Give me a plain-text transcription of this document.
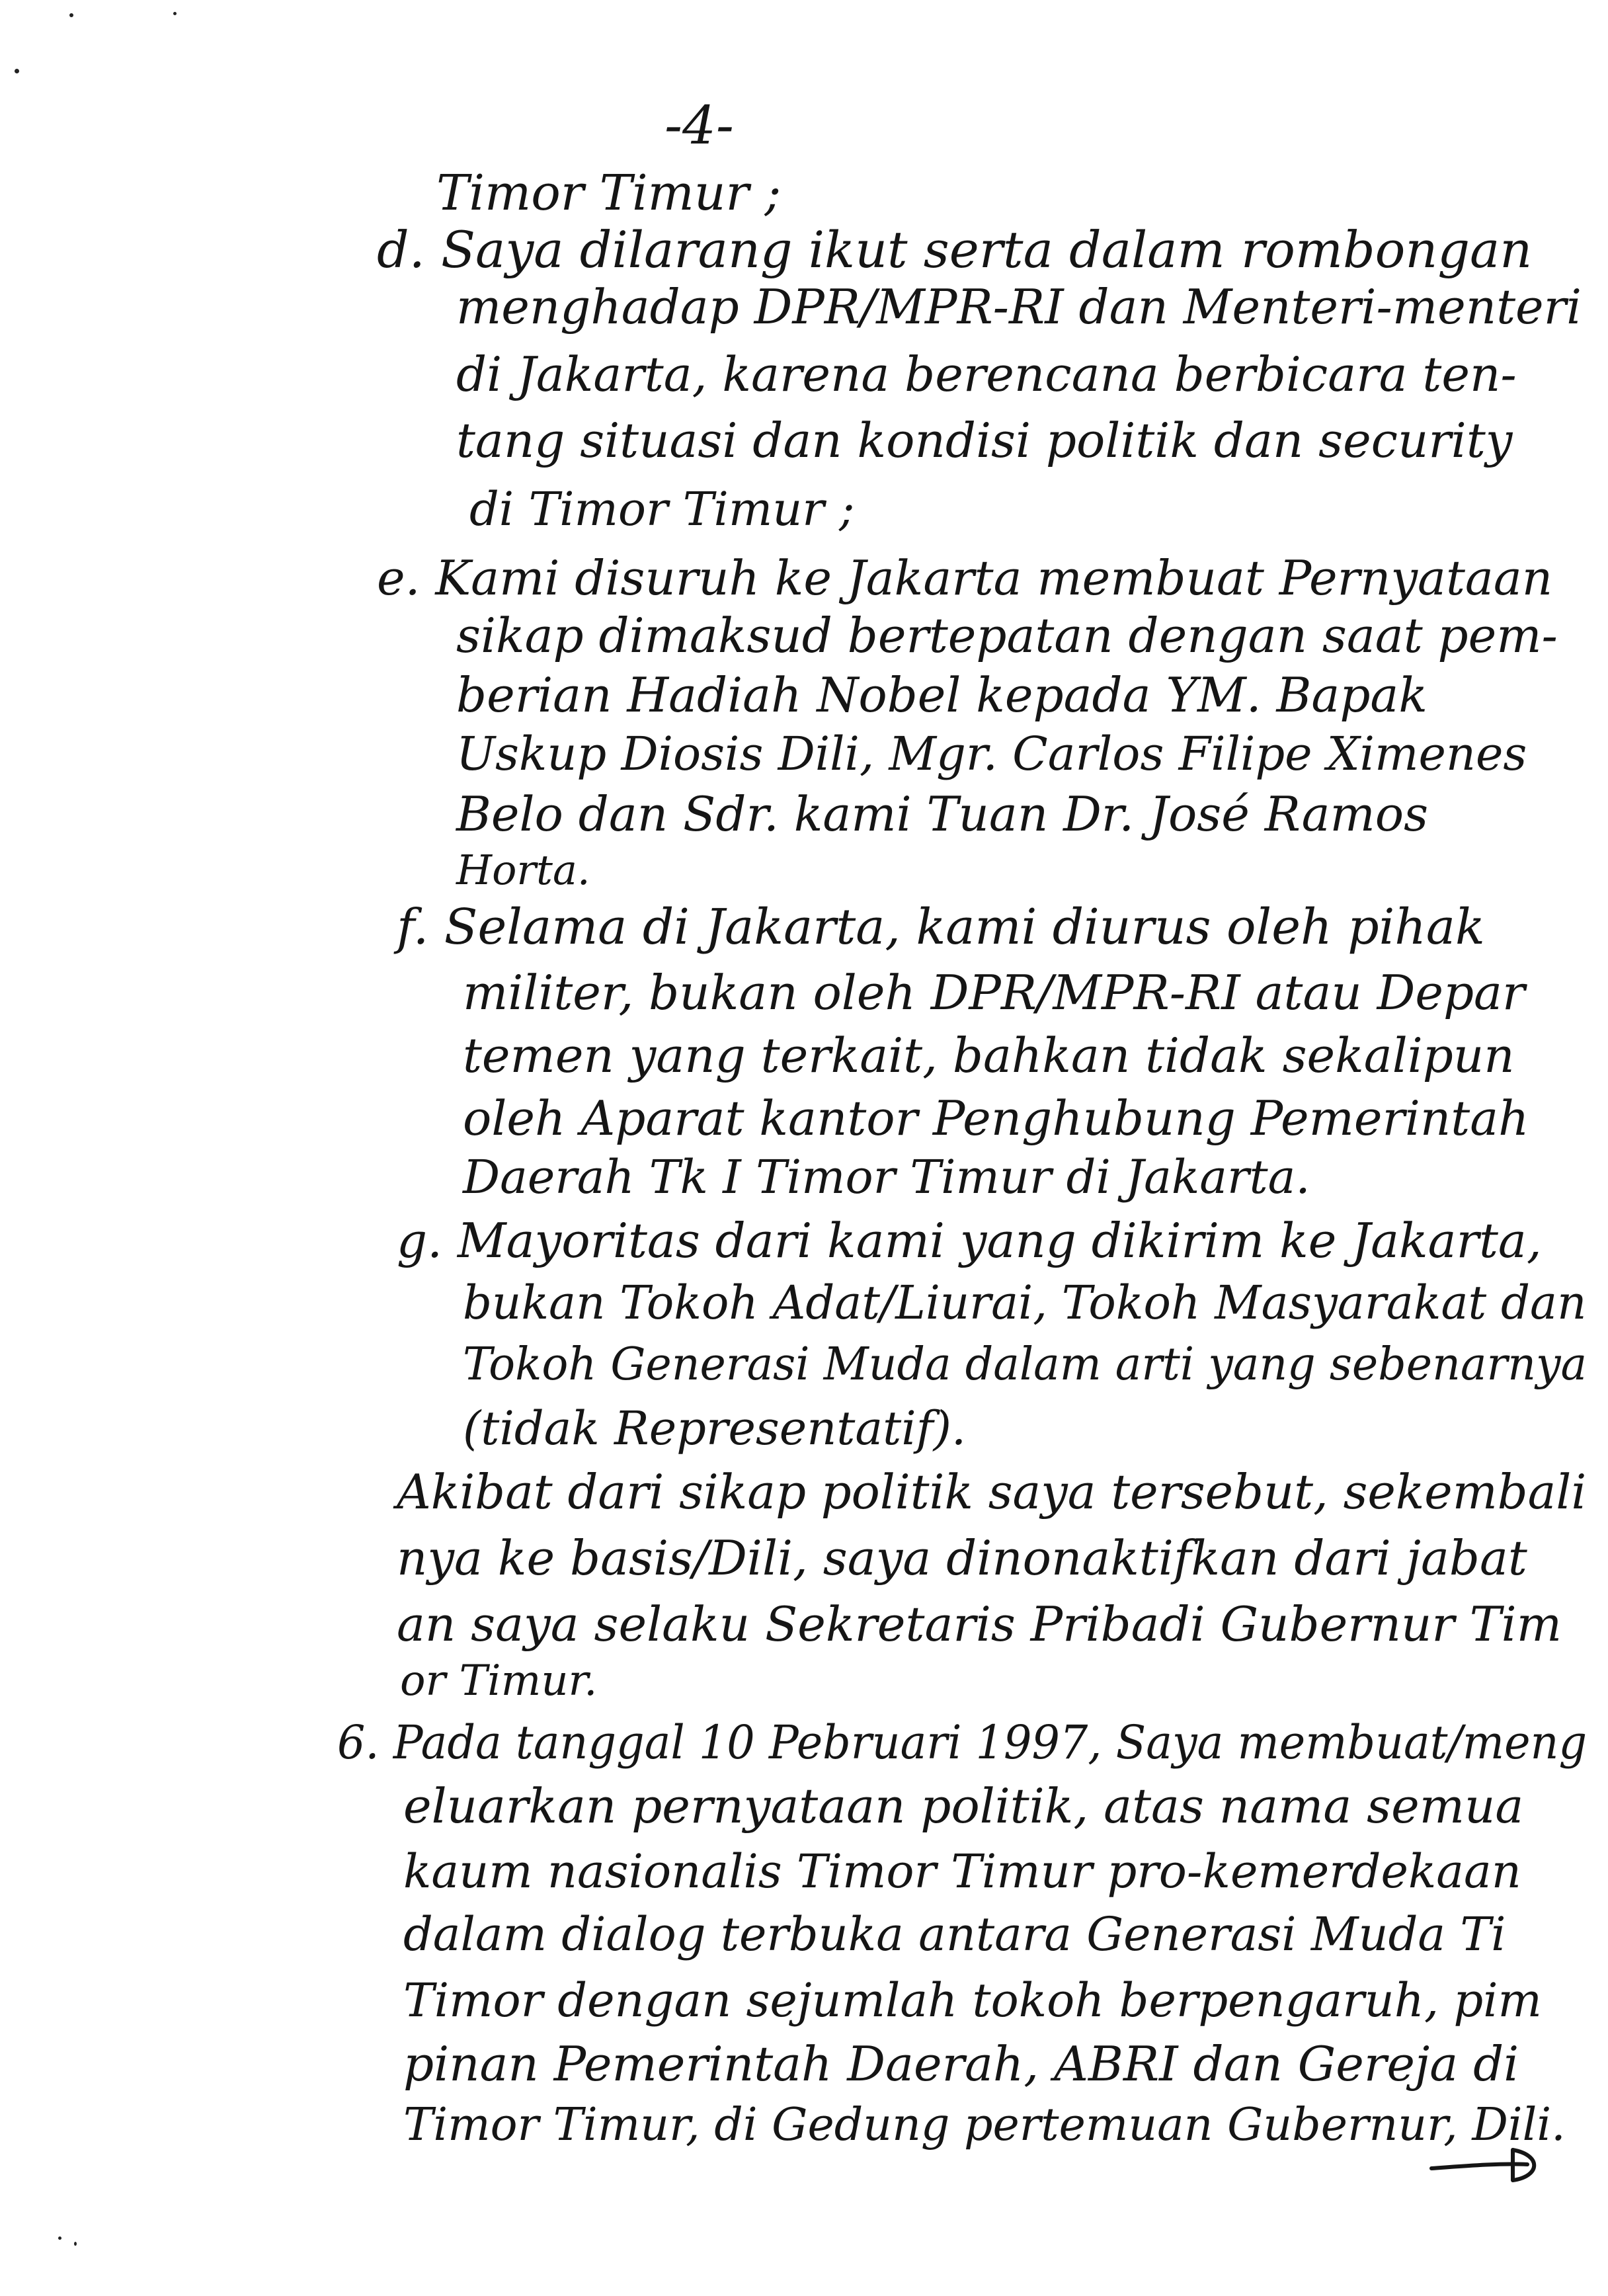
-4-
Timor Timur ;
d. Saya dilarang ikut serta dalam rombongan
menghadap DPR/MPR-RI dan Menteri-menteri
di Jakarta, karena berencana berbicara ten-
tang situasi dan kondisi politik dan security
di Timor Timur ;
e. Kami disuruh ke Jakarta membuat Pernyataan
sikap dimaksud bertepatan dengan saat pem-
berian Hadiah Nobel kepada YM. Bapak
Uskup Diosis Dili, Mgr. Carlos Filipe Ximenes
Belo dan Sdr. kami Tuan Dr. José Ramos
Horta.
f. Selama di Jakarta, kami diurus oleh pihak
militer, bukan oleh DPR/MPR-RI atau Depar
temen yang terkait, bahkan tidak sekalipun
oleh Aparat kantor Penghubung Pemerintah
Daerah Tk I Timor Timur di Jakarta.
g. Mayoritas dari kami yang dikirim ke Jakarta,
bukan Tokoh Adat/Liurai, Tokoh Masyarakat dan
Tokoh Generasi Muda dalam arti yang sebenarnya
(tidak Representatif).
Akibat dari sikap politik saya tersebut, sekembali
nya ke basis/Dili, saya dinonaktifkan dari jabat
an saya selaku Sekretaris Pribadi Gubernur Tim
or Timur.
6. Pada tanggal 10 Pebruari 1997, Saya membuat/meng
eluarkan pernyataan politik, atas nama semua
kaum nasionalis Timor Timur pro-kemerdekaan
dalam dialog terbuka antara Generasi Muda Ti
Timor dengan sejumlah tokoh berpengaruh, pim
pinan Pemerintah Daerah, ABRI dan Gereja di
Timor Timur, di Gedung pertemuan Gubernur, Dili.
